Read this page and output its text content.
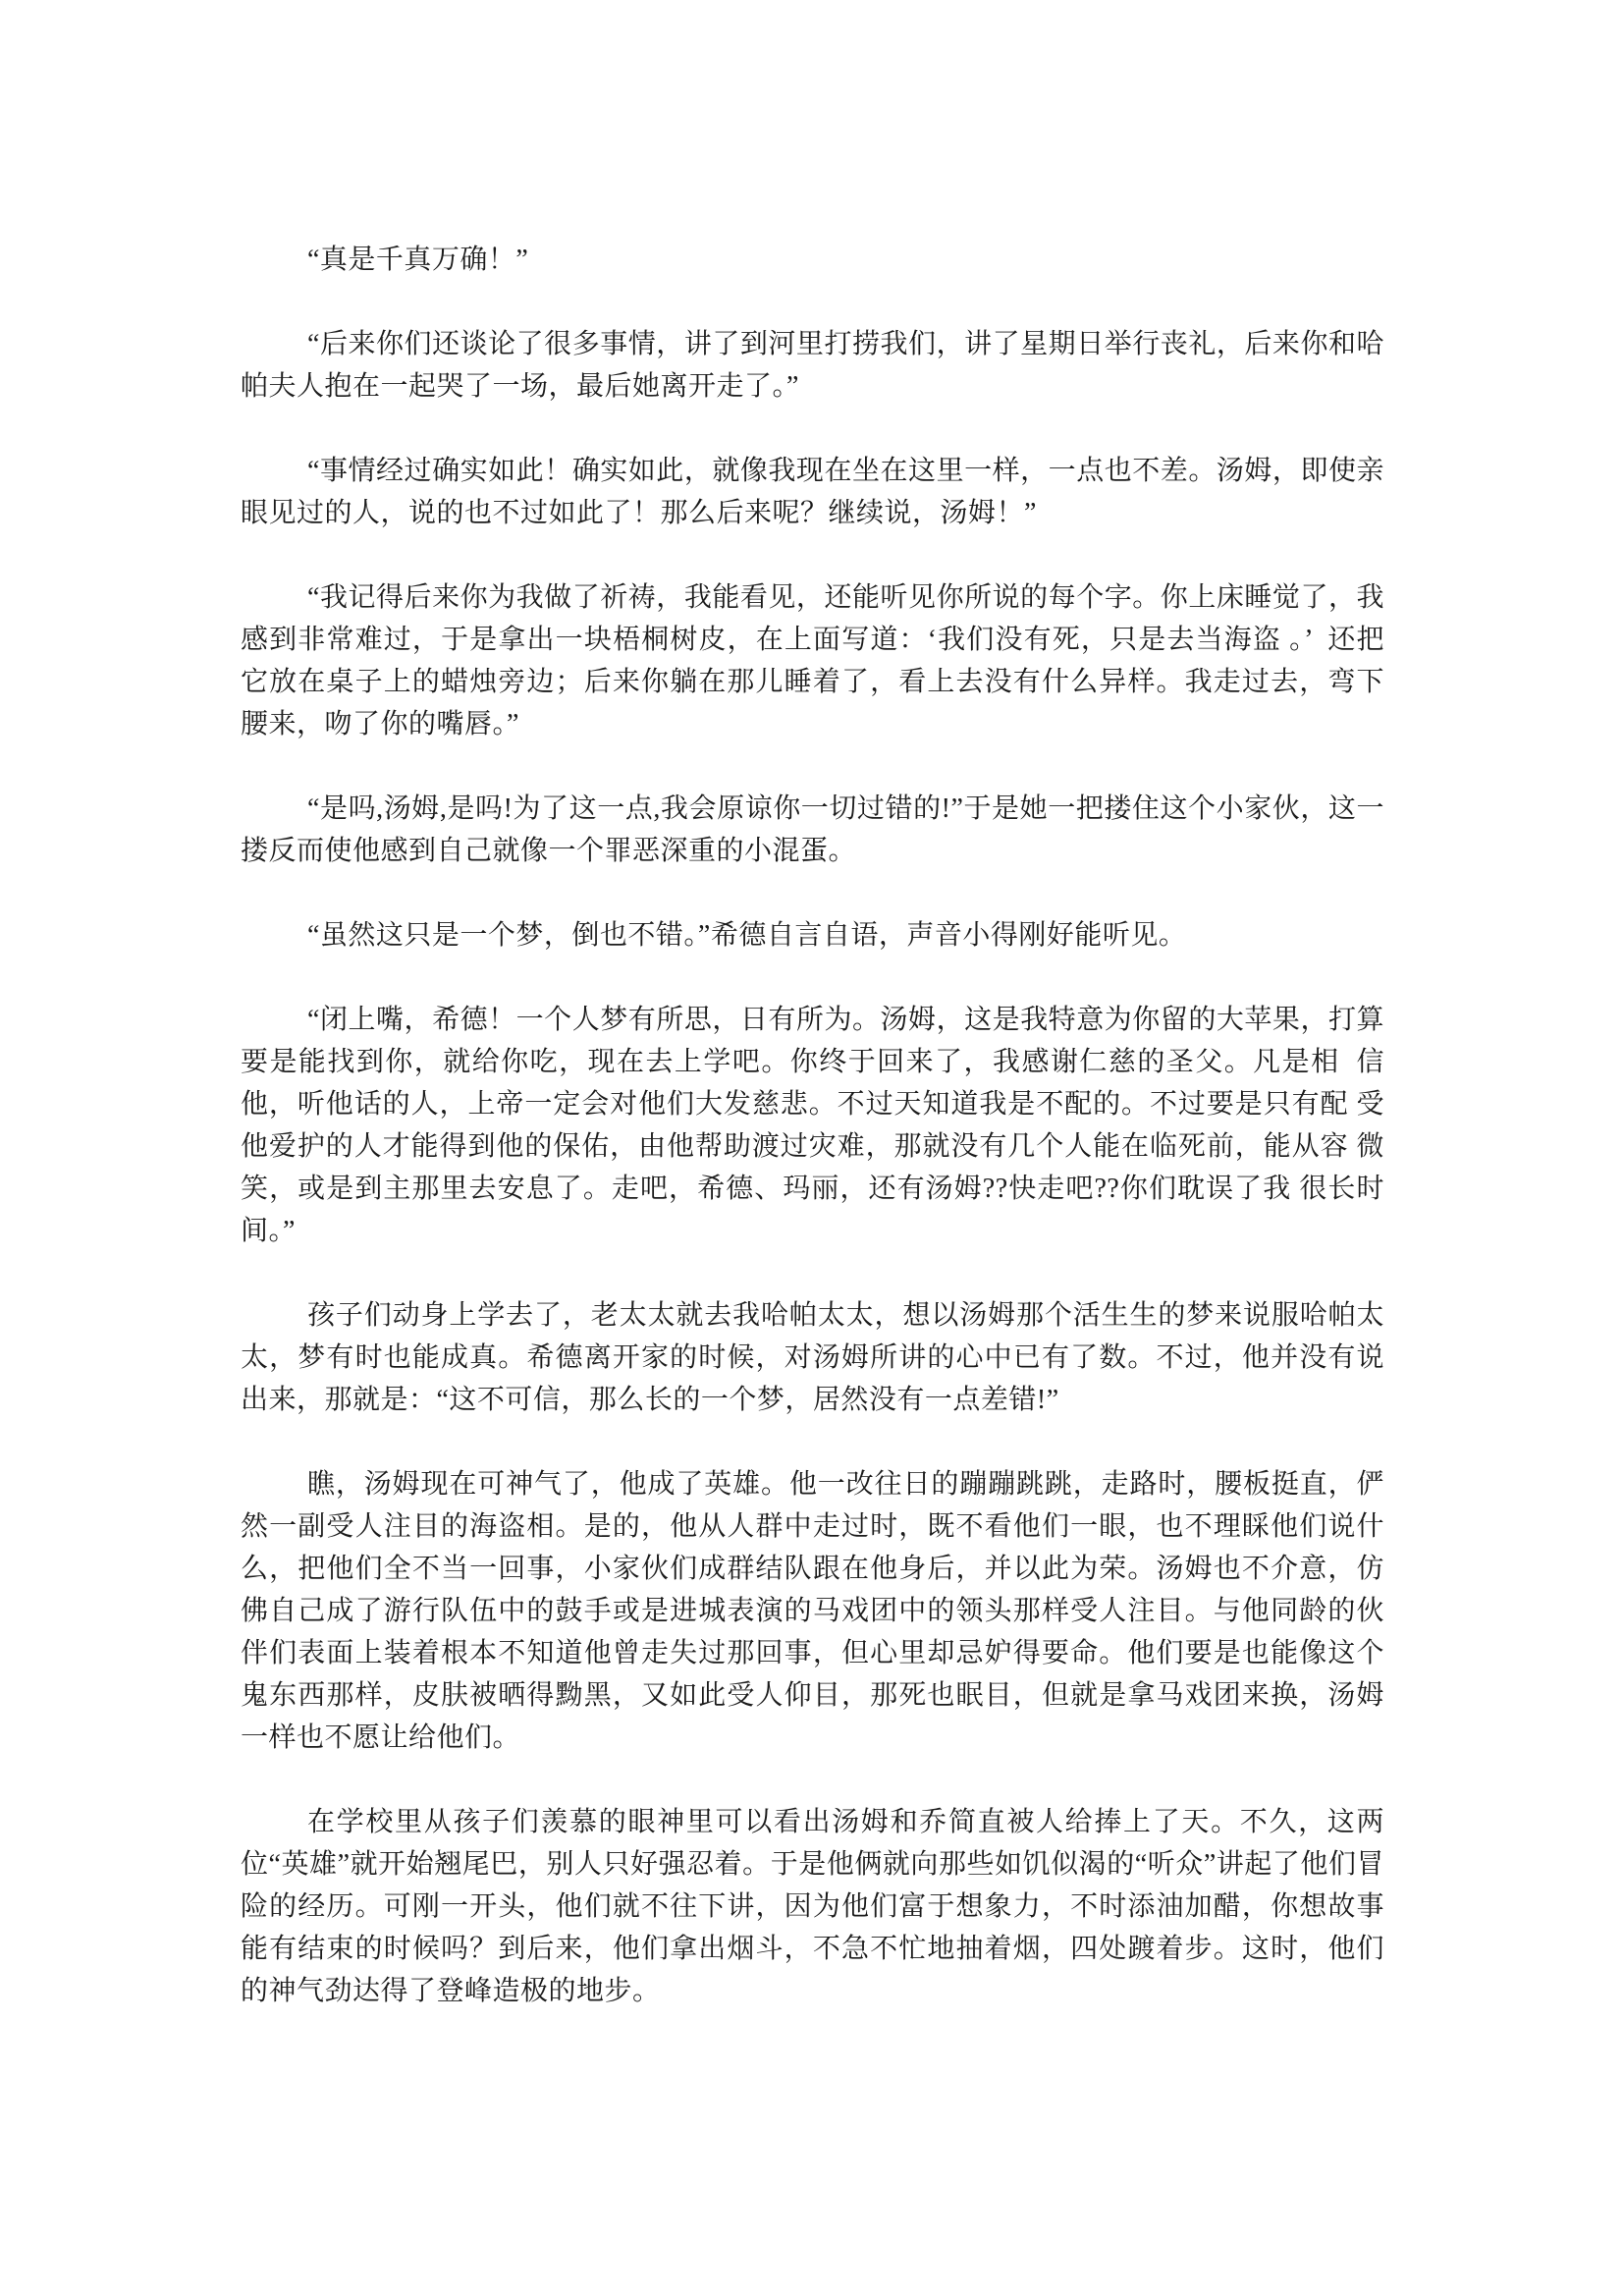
“真是千真万确！”

“后来你们还谈论了很多事情，讲了到河里打捞我们，讲了星期日举行丧礼，后来你和哈帕夫人抱在一起哭了一场，最后她离开走了。”

“事情经过确实如此！确实如此，就像我现在坐在这里一样，一点也不差。汤姆，即使亲眼见过的人，说的也不过如此了！那么后来呢？继续说，汤姆！”

“我记得后来你为我做了祈祷，我能看见，还能听见你所说的每个字。你上床睡觉了，我感到非常难过，于是拿出一块梧桐树皮，在上面写道：‘我们没有死，只是去当海盗 。’  还把它放在桌子上的蜡烛旁边；后来你躺在那儿睡着了，看上去没有什么异样。我走过去，弯下腰来，吻了你的嘴唇。”

“是吗,汤姆,是吗!为了这一点,我会原谅你一切过错的!”于是她一把搂住这个小家伙，这一搂反而使他感到自己就像一个罪恶深重的小混蛋。

“虽然这只是一个梦，倒也不错。”希德自言自语，声音小得刚好能听见。

“闭上嘴，希德！一个人梦有所思，日有所为。汤姆，这是我特意为你留的大苹果，打算要是能找到你，就给你吃，现在去上学吧。你终于回来了，我感谢仁慈的圣父。凡是相  信他，听他话的人，上帝一定会对他们大发慈悲。不过天知道我是不配的。不过要是只有配 受他爱护的人才能得到他的保佑，由他帮助渡过灾难，那就没有几个人能在临死前，能从容 微笑，或是到主那里去安息了。走吧，希德、玛丽，还有汤姆??快走吧??你们耽误了我 很长时间。”

孩子们动身上学去了，老太太就去我哈帕太太，想以汤姆那个活生生的梦来说服哈帕太太，梦有时也能成真。希德离开家的时候，对汤姆所讲的心中已有了数。不过，他并没有说出来，那就是：“这不可信，那么长的一个梦，居然没有一点差错!”

瞧，汤姆现在可神气了，他成了英雄。他一改往日的蹦蹦跳跳，走路时，腰板挺直，俨然一副受人注目的海盗相。是的，他从人群中走过时，既不看他们一眼，也不理睬他们说什么，把他们全不当一回事，小家伙们成群结队跟在他身后，并以此为荣。汤姆也不介意，仿佛自己成了游行队伍中的鼓手或是进城表演的马戏团中的领头那样受人注目。与他同龄的伙伴们表面上装着根本不知道他曾走失过那回事，但心里却忌妒得要命。他们要是也能像这个鬼东西那样，皮肤被晒得黝黑，又如此受人仰目，那死也眠目，但就是拿马戏团来换，汤姆一样也不愿让给他们。

在学校里从孩子们羡慕的眼神里可以看出汤姆和乔简直被人给捧上了天。不久，这两位“英雄”就开始翘尾巴，别人只好强忍着。于是他俩就向那些如饥似渴的“听众”讲起了他们冒险的经历。可刚一开头，他们就不往下讲，因为他们富于想象力，不时添油加醋，你想故事能有结束的时候吗？到后来，他们拿出烟斗，不急不忙地抽着烟，四处踱着步。这时，他们的神气劲达得了登峰造极的地步。
